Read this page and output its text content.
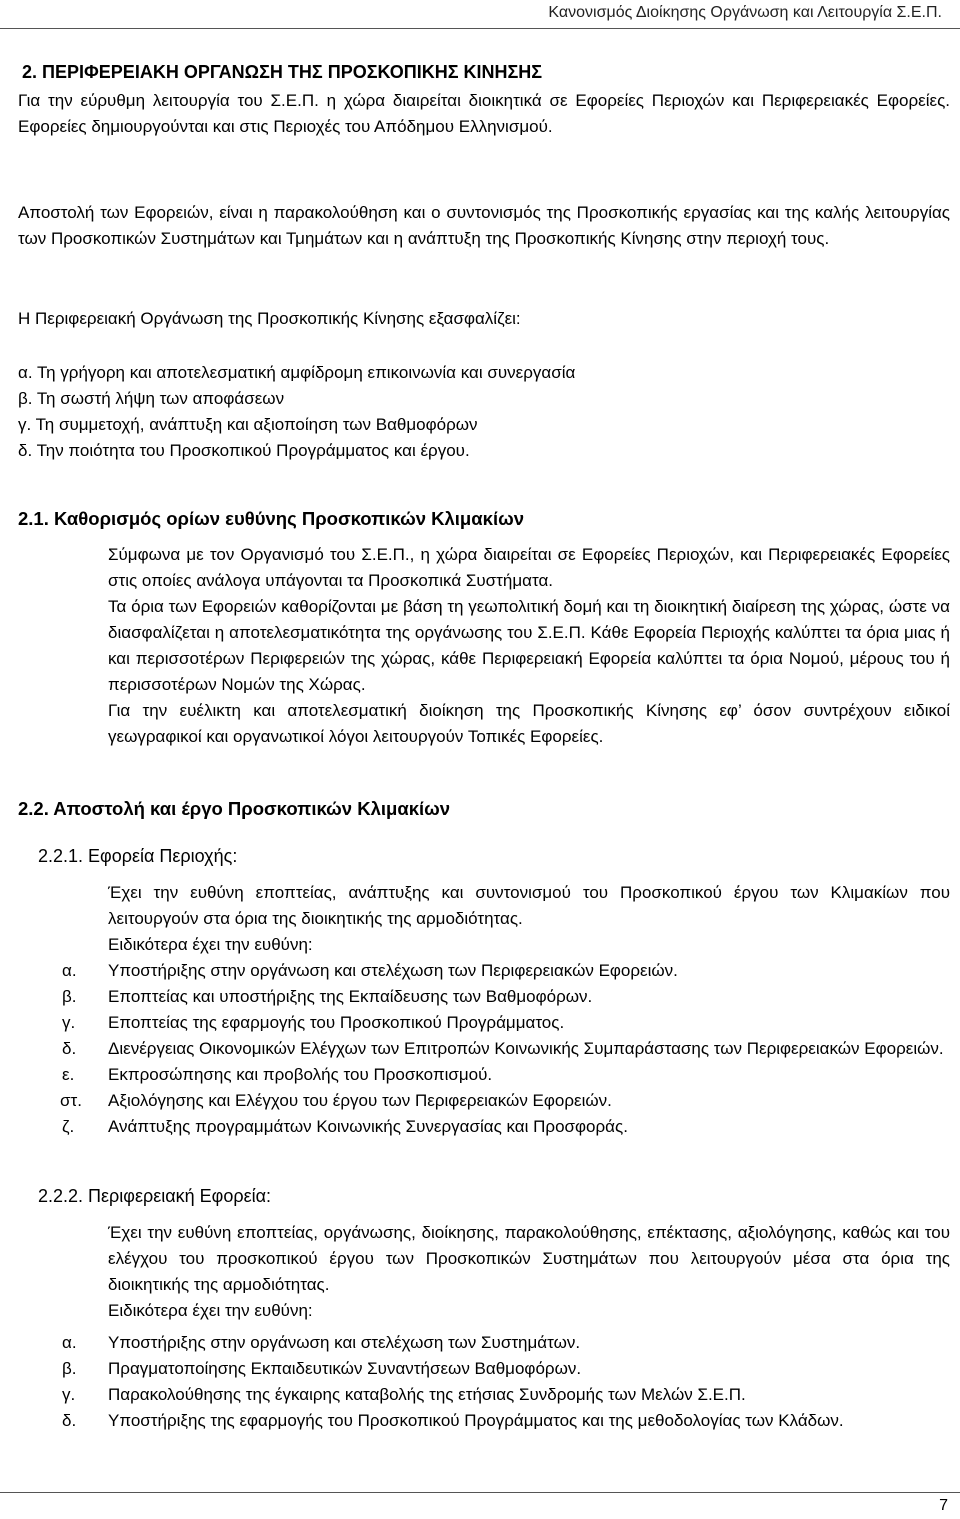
Κανονισμός Διοίκησης Οργάνωση και Λειτουργία Σ.Ε.Π.
2. ΠΕΡΙΦΕΡΕΙΑΚΗ ΟΡΓΑΝΩΣΗ ΤΗΣ ΠΡΟΣΚΟΠΙΚΗΣ ΚΙΝΗΣΗΣ
Για την εύρυθμη λειτουργία του Σ.Ε.Π. η χώρα διαιρείται διοικητικά σε Εφορείες Περιοχών και Περιφερειακές Εφορείες. Εφορείες δημιουργούνται και στις Περιοχές του Απόδημου Ελληνισμού.
Αποστολή των Εφορειών, είναι η παρακολούθηση και ο συντονισμός της Προσκοπικής εργασίας και της καλής λειτουργίας των Προσκοπικών Συστημάτων και Τμημάτων και η ανάπτυξη της Προσκοπικής Κίνησης στην περιοχή τους.
Η Περιφερειακή Οργάνωση της Προσκοπικής Κίνησης εξασφαλίζει:
α. Τη γρήγορη και αποτελεσματική αμφίδρομη επικοινωνία και συνεργασία
β. Τη σωστή λήψη των αποφάσεων
γ. Τη συμμετοχή, ανάπτυξη και αξιοποίηση των Βαθμοφόρων
δ. Την ποιότητα του Προσκοπικού Προγράμματος και έργου.
2.1. Καθορισμός ορίων ευθύνης Προσκοπικών Κλιμακίων

Σύμφωνα με τον Οργανισμό του Σ.Ε.Π., η χώρα διαιρείται σε Εφορείες Περιοχών, και Περιφερειακές Εφορείες στις οποίες ανάλογα υπάγονται τα Προσκοπικά Συστήματα.

Τα όρια των Εφορειών καθορίζονται με βάση τη γεωπολιτική δομή και τη διοικητική διαίρεση της χώρας, ώστε να διασφαλίζεται η αποτελεσματικότητα της οργάνωσης του Σ.Ε.Π. Κάθε Εφορεία Περιοχής καλύπτει τα όρια μιας ή και περισσοτέρων Περιφερειών της χώρας, κάθε Περιφερειακή Εφορεία καλύπτει τα όρια Νομού, μέρους του ή περισσοτέρων Νομών της Χώρας.

Για την ευέλικτη και αποτελεσματική διοίκηση της Προσκοπικής Κίνησης εφ’ όσον συντρέχουν ειδικοί γεωγραφικοί και οργανωτικοί λόγοι λειτουργούν Τοπικές Εφορείες.

2.2. Αποστολή και έργο Προσκοπικών Κλιμακίων
2.2.1. Εφορεία Περιοχής:

Έχει την ευθύνη εποπτείας, ανάπτυξης και συντονισμού του Προσκοπικού έργου των Κλιμακίων που λειτουργούν στα όρια της διοικητικής της αρμοδιότητας.

Ειδικότερα έχει την ευθύνη:

α. Υποστήριξης στην οργάνωση και στελέχωση των Περιφερειακών Εφορειών.
β. Εποπτείας και υποστήριξης της Εκπαίδευσης των Βαθμοφόρων.
γ. Εποπτείας της εφαρμογής του Προσκοπικού Προγράμματος.
δ. Διενέργειας Οικονομικών Ελέγχων των Επιτροπών Κοινωνικής Συμπαράστασης των Περιφερειακών Εφορειών.
ε. Εκπροσώπησης και προβολής του Προσκοπισμού.
στ. Αξιολόγησης και Ελέγχου του έργου των Περιφερειακών Εφορειών.
ζ. Ανάπτυξης προγραμμάτων Κοινωνικής Συνεργασίας και Προσφοράς.
2.2.2. Περιφερειακή Εφορεία:

Έχει την ευθύνη εποπτείας, οργάνωσης, διοίκησης, παρακολούθησης, επέκτασης, αξιολόγησης, καθώς και του ελέγχου του προσκοπικού έργου των Προσκοπικών Συστημάτων που λειτουργούν μέσα στα όρια της διοικητικής της αρμοδιότητας.

Ειδικότερα έχει την ευθύνη:

α. Υποστήριξης στην οργάνωση και στελέχωση των Συστημάτων.
β. Πραγματοποίησης Εκπαιδευτικών Συναντήσεων Βαθμοφόρων.
γ. Παρακολούθησης της έγκαιρης καταβολής της ετήσιας Συνδρομής των Μελών Σ.Ε.Π.
δ. Υποστήριξης της εφαρμογής του Προσκοπικού Προγράμματος και της μεθοδολογίας των Κλάδων.
7
